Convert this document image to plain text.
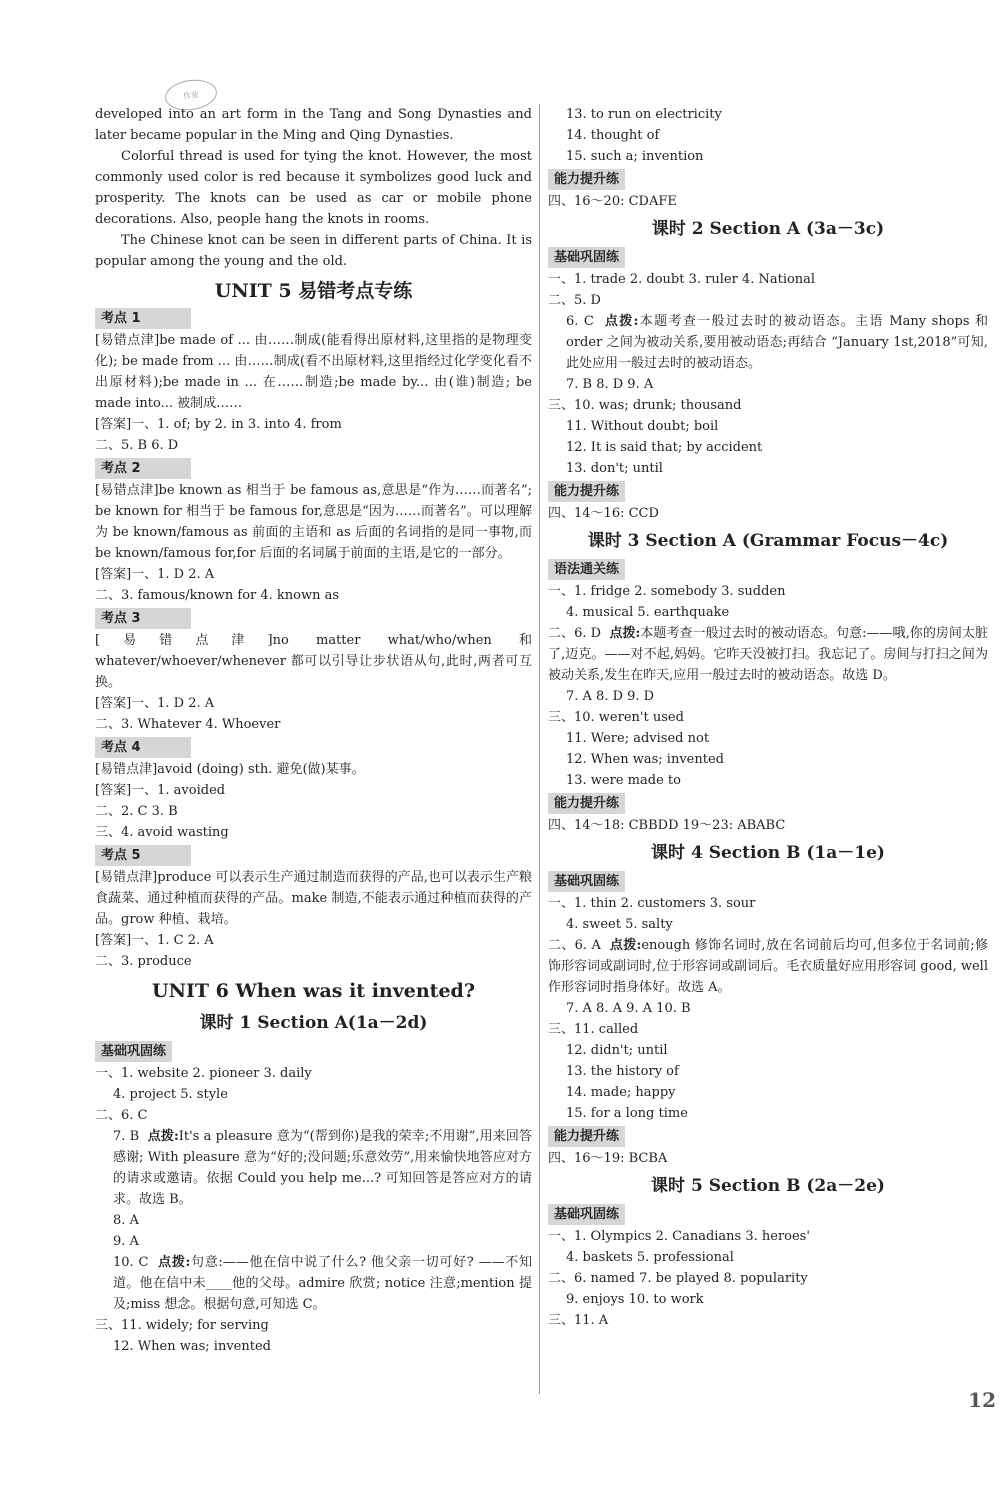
作业

developed into an art form in the Tang and Song Dynasties and later became popular in the Ming and Qing Dynasties.

Colorful thread is used for tying the knot. However, the most commonly used color is red because it symbolizes good luck and prosperity. The knots can be used as car or mobile phone decorations. Also, people hang the knots in rooms.

The Chinese knot can be seen in different parts of China. It is popular among the young and the old.

UNIT 5 易错考点专练
考点 1

[易错点津]be made of ... 由……制成(能看得出原材料,这里指的是物理变化); be made from ... 由……制成(看不出原材料,这里指经过化学变化看不出原材料);be made in ... 在……制造;be made by... 由(谁)制造; be made into... 被制成……

[答案]一、1. of; by 2. in 3. into 4. from

二、5. B 6. D

考点 2

[易错点津]be known as 相当于 be famous as,意思是“作为……而著名”; be known for 相当于 be famous for,意思是“因为……而著名”。可以理解为 be known/famous as 前面的主语和 as 后面的名词指的是同一事物,而 be known/famous for,for 后面的名词属于前面的主语,是它的一部分。

[答案]一、1. D 2. A

二、3. famous/known for 4. known as

考点 3

[易错点津]no matter what/who/when 和 whatever/whoever/whenever 都可以引导让步状语从句,此时,两者可互换。

[答案]一、1. D 2. A

二、3. Whatever 4. Whoever

考点 4

[易错点津]avoid (doing) sth. 避免(做)某事。

[答案]一、1. avoided

二、2. C 3. B

三、4. avoid wasting

考点 5

[易错点津]produce 可以表示生产通过制造而获得的产品,也可以表示生产粮食蔬菜、通过种植而获得的产品。make 制造,不能表示通过种植而获得的产品。grow 种植、栽培。

[答案]一、1. C 2. A

二、3. produce

UNIT 6 When was it invented?
课时 1 Section A(1a－2d)
基础巩固练

一、1. website 2. pioneer 3. daily

4. project 5. style

二、6. C

7. B 点拨:It's a pleasure 意为“(帮到你)是我的荣幸;不用谢”,用来回答感谢; With pleasure 意为“好的;没问题;乐意效劳”,用来愉快地答应对方的请求或邀请。依据 Could you help me...? 可知回答是答应对方的请求。故选 B。

8. A

9. A

10. C 点拨:句意:——他在信中说了什么? 他父亲一切可好? ——不知道。他在信中未____他的父母。admire 欣赏; notice 注意;mention 提及;miss 想念。根据句意,可知选 C。

三、11. widely; for serving

12. When was; invented

13. to run on electricity

14. thought of

15. such a; invention

能力提升练

四、16～20: CDAFE

课时 2 Section A (3a－3c)
基础巩固练

一、1. trade 2. doubt 3. ruler 4. National

二、5. D

6. C 点拨:本题考查一般过去时的被动语态。主语 Many shops 和 order 之间为被动关系,要用被动语态;再结合 “January 1st,2018”可知,此处应用一般过去时的被动语态。

7. B 8. D 9. A

三、10. was; drunk; thousand

11. Without doubt; boil

12. It is said that; by accident

13. don't; until

能力提升练

四、14～16: CCD

课时 3 Section A (Grammar Focus－4c)
语法通关练

一、1. fridge 2. somebody 3. sudden

4. musical 5. earthquake

二、6. D 点拨:本题考查一般过去时的被动语态。句意:——哦,你的房间太脏了,迈克。——对不起,妈妈。它昨天没被打扫。我忘记了。房间与打扫之间为被动关系,发生在昨天,应用一般过去时的被动语态。故选 D。

7. A 8. D 9. D

三、10. weren't used

11. Were; advised not

12. When was; invented

13. were made to

能力提升练

四、14～18: CBBDD 19～23: ABABC

课时 4 Section B (1a－1e)
基础巩固练

一、1. thin 2. customers 3. sour

4. sweet 5. salty

二、6. A 点拨:enough 修饰名词时,放在名词前后均可,但多位于名词前;修饰形容词或副词时,位于形容词或副词后。毛衣质量好应用形容词 good, well 作形容词时指身体好。故选 A。

7. A 8. A 9. A 10. B

三、11. called

12. didn't; until

13. the history of

14. made; happy

15. for a long time

能力提升练

四、16～19: BCBA

课时 5 Section B (2a－2e)
基础巩固练

一、1. Olympics 2. Canadians 3. heroes'

4. baskets 5. professional

二、6. named 7. be played 8. popularity

9. enjoys 10. to work

三、11. A

12
